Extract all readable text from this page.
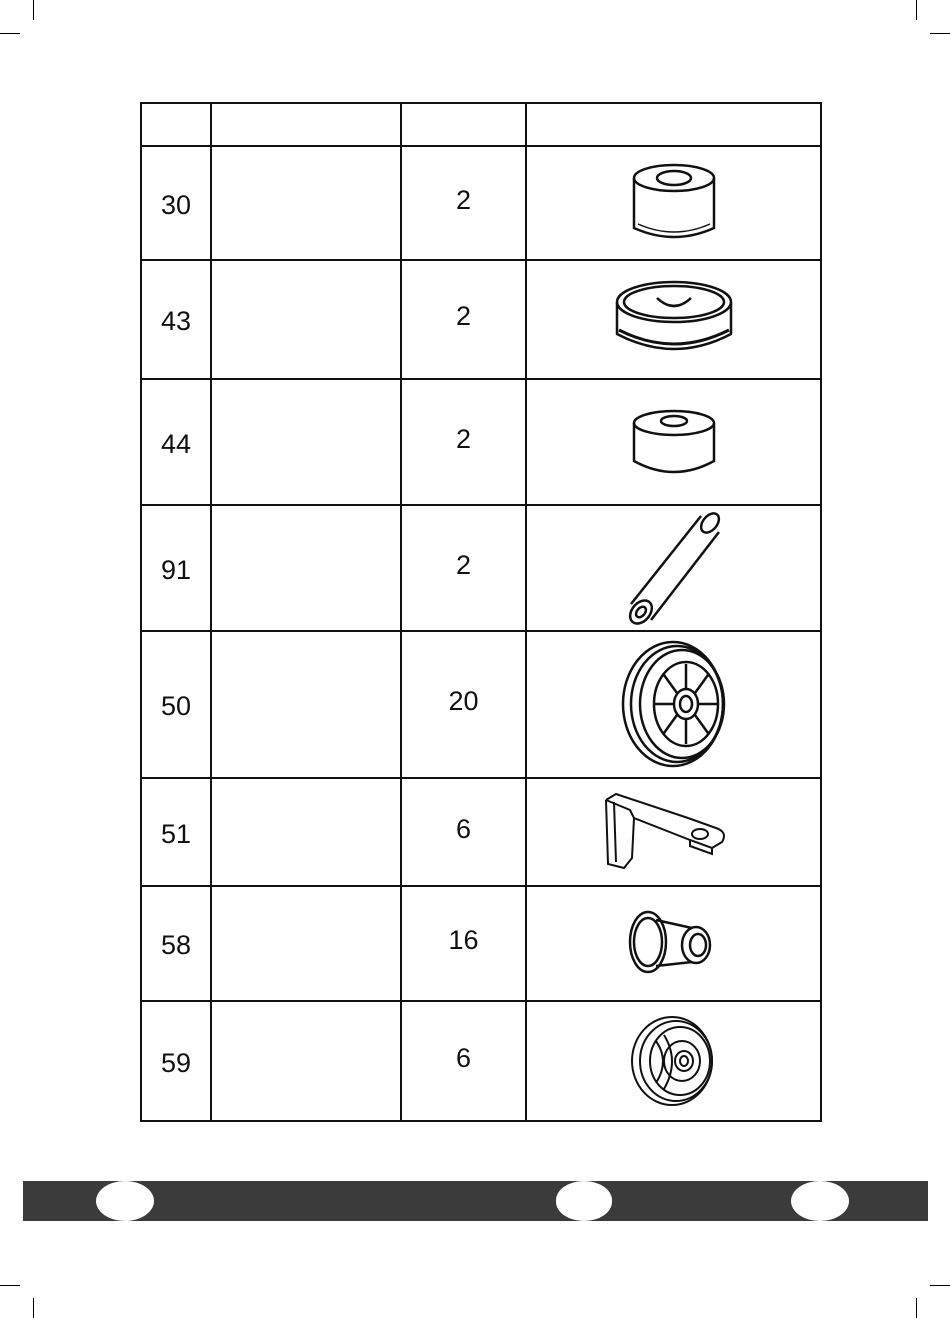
30		2	

43		2	

44		2	

91		2	

50		20	

51		6	

58		16	

59		6	
